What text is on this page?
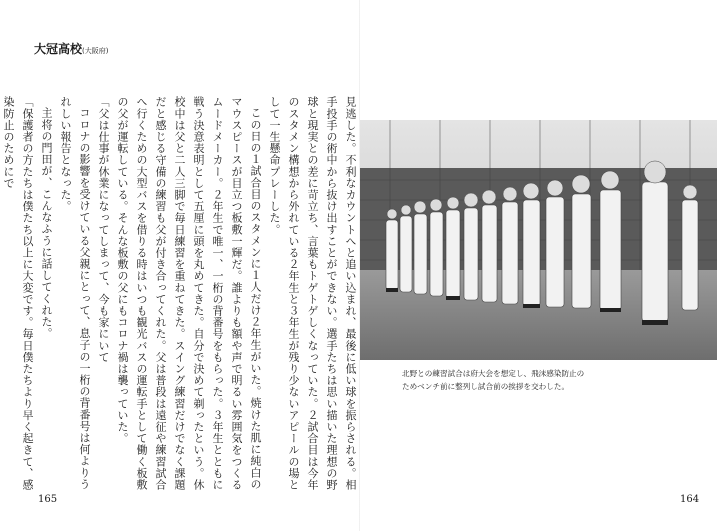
大冠高校(大阪府)

見逃した。不利なカウントへと追い込まれ、最後に低い球を振らされる。相手投手の術中から抜け出すことができない。選手たちは思い描いた理想の野球と現実との差に苛立ち、言葉もトゲトゲしくなっていた。２試合目は今年のスタメン構想から外れている２年生と３年生が残り少ないアピールの場として一生懸命プレーした。

この日の１試合目のスタメンに１人だけ２年生がいた。焼けた肌に純白のマウスピースが目立つ板敷一輝だ。誰よりも額や声で明るい雰囲気をつくるムードメーカー。２年生で唯一、一桁の背番号をもらった。３年生とともに戦う決意表明として五厘に頭を丸めてきた。自分で決めて剃ったという。休校中は父と二人三脚で毎日練習を重ねてきた。スイング練習だけでなく課題だと感じる守備の練習も父が付き合ってくれた。父は普段は遠征や練習試合へ行くための大型バスを借りる時はいつも観光バスの運転手として働く板敷の父が運転している。そんな板敷の父にもコロナ禍は襲っていた。

「父は仕事が休業になってしまって、今も家にいて

コロナの影響を受けている父親にとって、息子の一桁の背番号は何よりうれしい報告となった。

主将の門田が、こんなふうに話してくれた。

「保護者の方たちは僕たち以上に大変です。毎日僕たちより早く起きて、感染防止のためにで

165
北野との練習試合は府大会を想定し、飛沫感染防止の
ためベンチ前に整列し試合前の挨拶を交わした。
164
